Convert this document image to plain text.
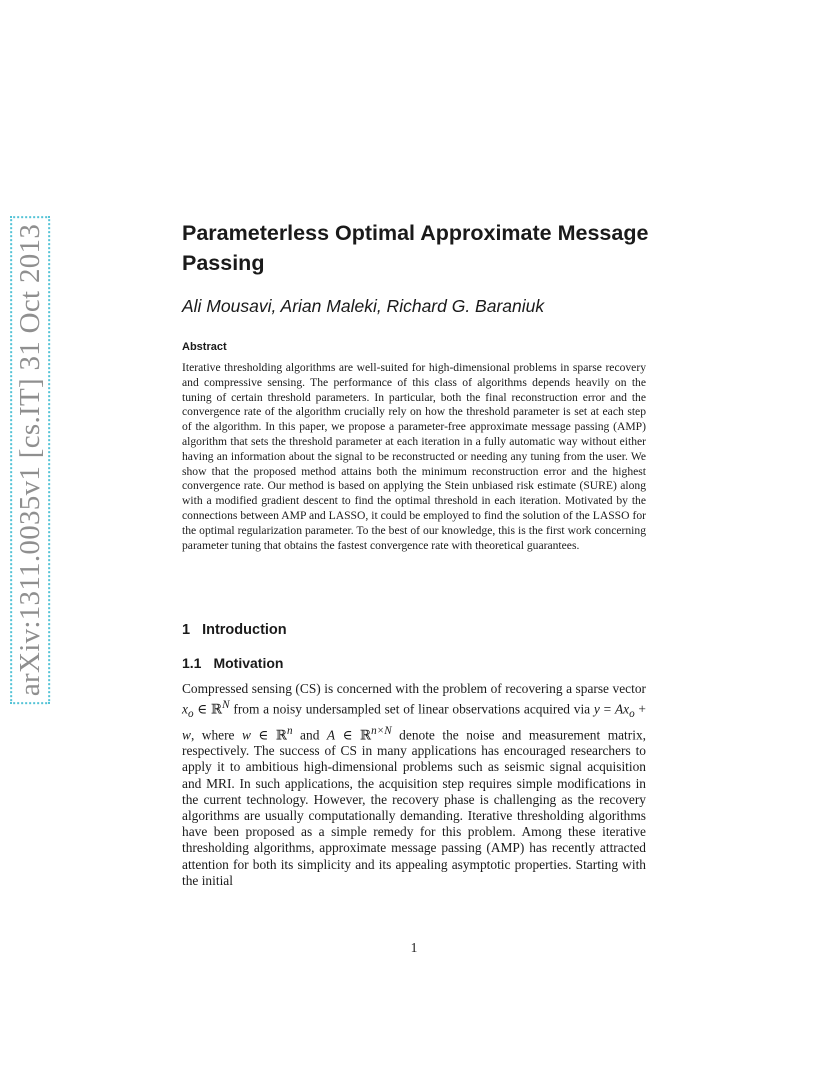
arXiv:1311.0035v1 [cs.IT] 31 Oct 2013	Parameterless Optimal Approximate Message Passing
Ali Mousavi, Arian Maleki, Richard G. Baraniuk
Abstract

Iterative thresholding algorithms are well-suited for high-dimensional problems in sparse recovery and compressive sensing. The performance of this class of algorithms depends heavily on the tuning of certain threshold parameters. In particular, both the final reconstruction error and the convergence rate of the algorithm crucially rely on how the threshold parameter is set at each step of the algorithm. In this paper, we propose a parameter-free approximate message passing (AMP) algorithm that sets the threshold parameter at each iteration in a fully automatic way without either having an information about the signal to be reconstructed or needing any tuning from the user. We show that the proposed method attains both the minimum reconstruction error and the highest convergence rate. Our method is based on applying the Stein unbiased risk estimate (SURE) along with a modified gradient descent to find the optimal threshold in each iteration. Motivated by the connections between AMP and LASSO, it could be employed to find the solution of the LASSO for the optimal regularization parameter. To the best of our knowledge, this is the first work concerning parameter tuning that obtains the fastest convergence rate with theoretical guarantees.

1 Introduction
1.1 Motivation

Compressed sensing (CS) is concerned with the problem of recovering a sparse vector $x_o$ ∈ ℝ$^N$ from a noisy undersampled set of linear observations acquired via $y = Ax_o + w$, where w ∈ ℝ$^n$ and A ∈ ℝ$^{n\times N}$ denote the noise and measurement matrix, respectively. The success of CS in many applications has encouraged researchers to apply it to ambitious high-dimensional problems such as seismic signal acquisition and MRI. In such applications, the acquisition step requires simple modifications in the current technology. However, the recovery phase is challenging as the recovery algorithms are usually computationally demanding. Iterative thresholding algorithms have been proposed as a simple remedy for this problem. Among these iterative thresholding algorithms, approximate message passing (AMP) has recently attracted attention for both its simplicity and its appealing asymptotic properties. Starting with the initial

1
